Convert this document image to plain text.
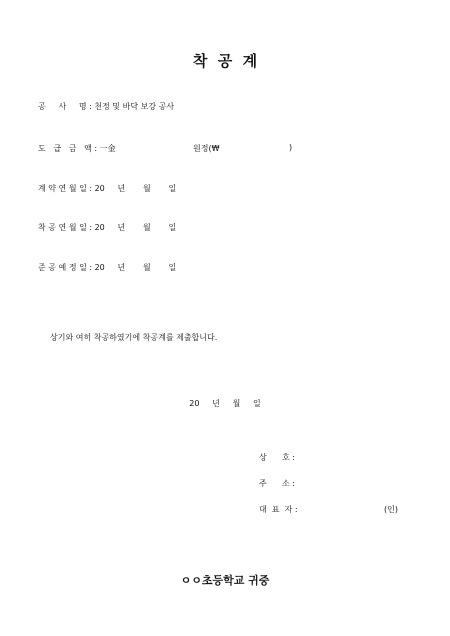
착  공  계
공     사     명 : 천정 및 바닥 보강 공사
도   급   금   액 : 一金	원정(₩	)
계 약 연 월 일 : 20     년       월       일
착 공 연 월 일 : 20     년       월       일
준 공 예 정 일 : 20     년       월       일
상기와 여히 착공하였기에 착공계를 제출합니다.
20     년     월     일
상      호 :
주      소 :
대  표  자 :	(인)
ㅇㅇ초등학교 귀중
